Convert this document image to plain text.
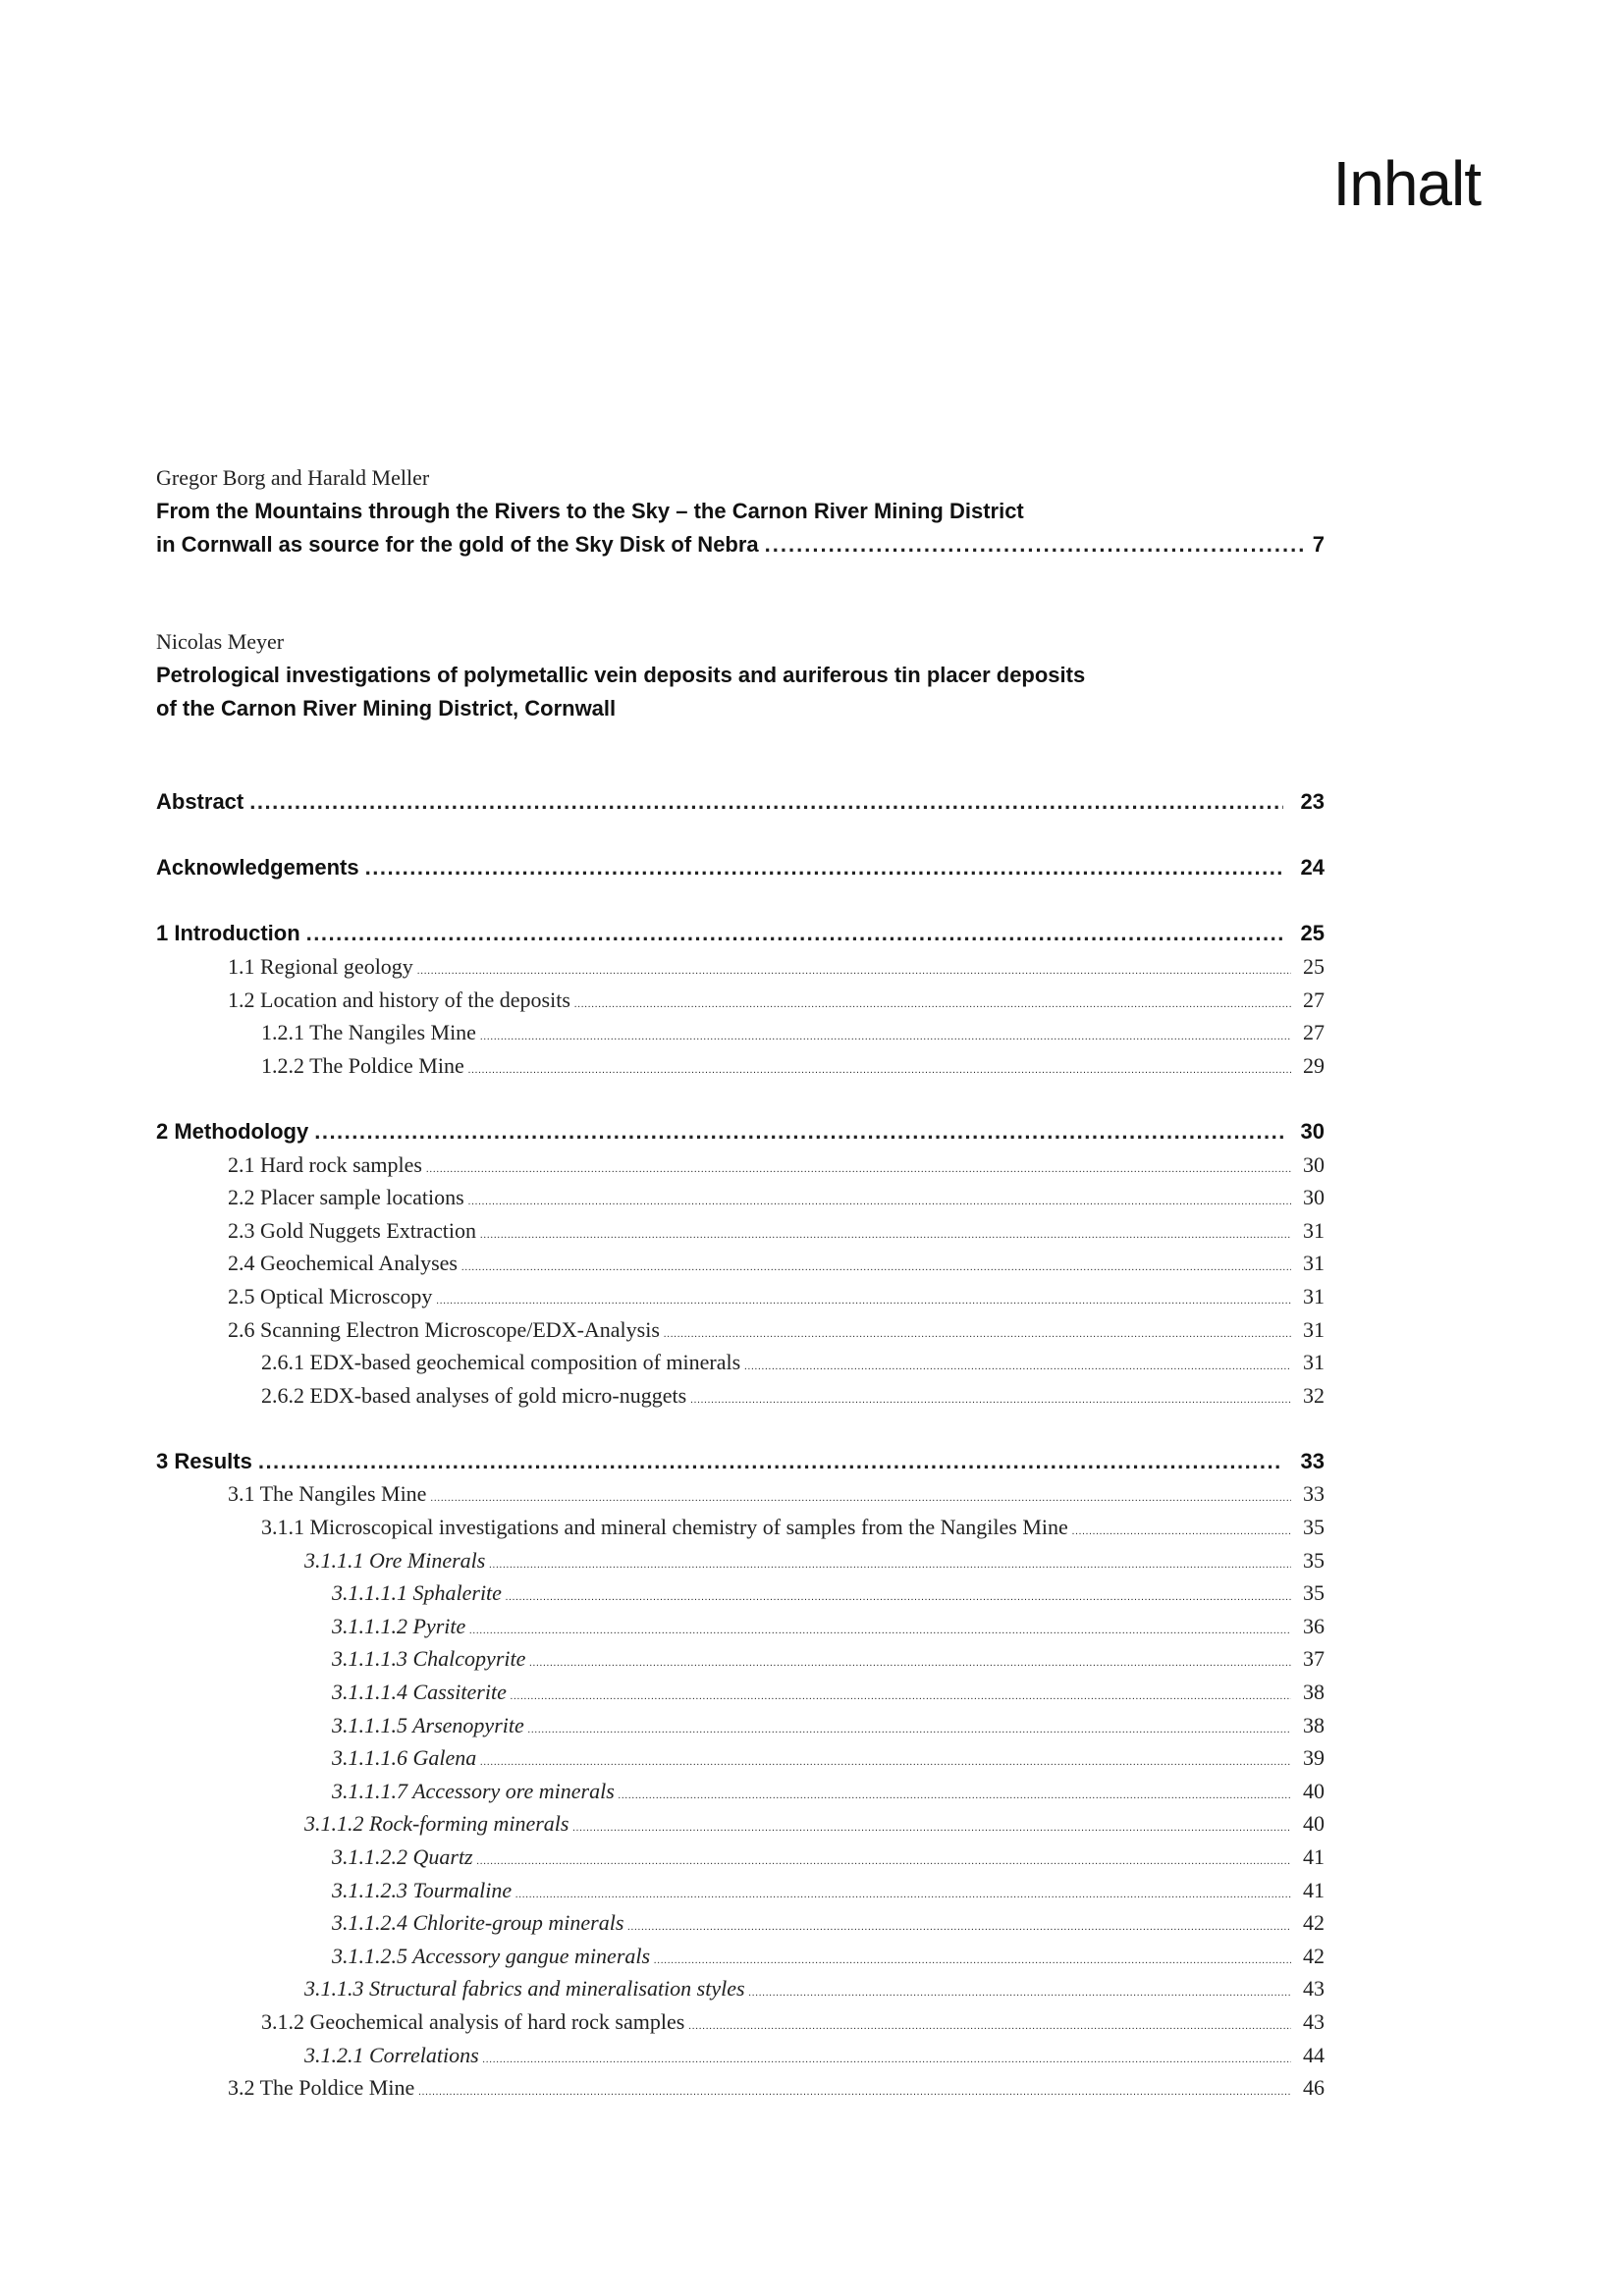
Inhalt
Gregor Borg and Harald Meller
From the Mountains through the Rivers to the Sky – the Carnon River Mining District
in Cornwall as source for the gold of the Sky Disk of Nebra .....	7
Nicolas Meyer
Petrological investigations of polymetallic vein deposits and auriferous tin placer deposits
of the Carnon River Mining District, Cornwall
Abstract .....	23
Acknowledgements .....	24
1 Introduction .....	25
1.1 Regional geology .....	25
1.2 Location and history of the deposits .....	27
1.2.1 The Nangiles Mine .....	27
1.2.2 The Poldice Mine .....	29
2 Methodology .....	30
2.1 Hard rock samples .....	30
2.2 Placer sample locations .....	30
2.3 Gold Nuggets Extraction .....	31
2.4 Geochemical Analyses .....	31
2.5 Optical Microscopy .....	31
2.6 Scanning Electron Microscope/EDX-Analysis .....	31
2.6.1 EDX-based geochemical composition of minerals .....	31
2.6.2 EDX-based analyses of gold micro-nuggets .....	32
3 Results .....	33
3.1 The Nangiles Mine .....	33
3.1.1 Microscopical investigations and mineral chemistry of samples from the Nangiles Mine .....	35
3.1.1.1 Ore Minerals .....	35
3.1.1.1.1 Sphalerite .....	35
3.1.1.1.2 Pyrite .....	36
3.1.1.1.3 Chalcopyrite .....	37
3.1.1.1.4 Cassiterite .....	38
3.1.1.1.5 Arsenopyrite .....	38
3.1.1.1.6 Galena .....	39
3.1.1.1.7 Accessory ore minerals .....	40
3.1.1.2 Rock-forming minerals .....	40
3.1.1.2.2 Quartz .....	41
3.1.1.2.3 Tourmaline .....	41
3.1.1.2.4 Chlorite-group minerals .....	42
3.1.1.2.5 Accessory gangue minerals .....	42
3.1.1.3 Structural fabrics and mineralisation styles .....	43
3.1.2 Geochemical analysis of hard rock samples .....	43
3.1.2.1 Correlations .....	44
3.2 The Poldice Mine .....	46
